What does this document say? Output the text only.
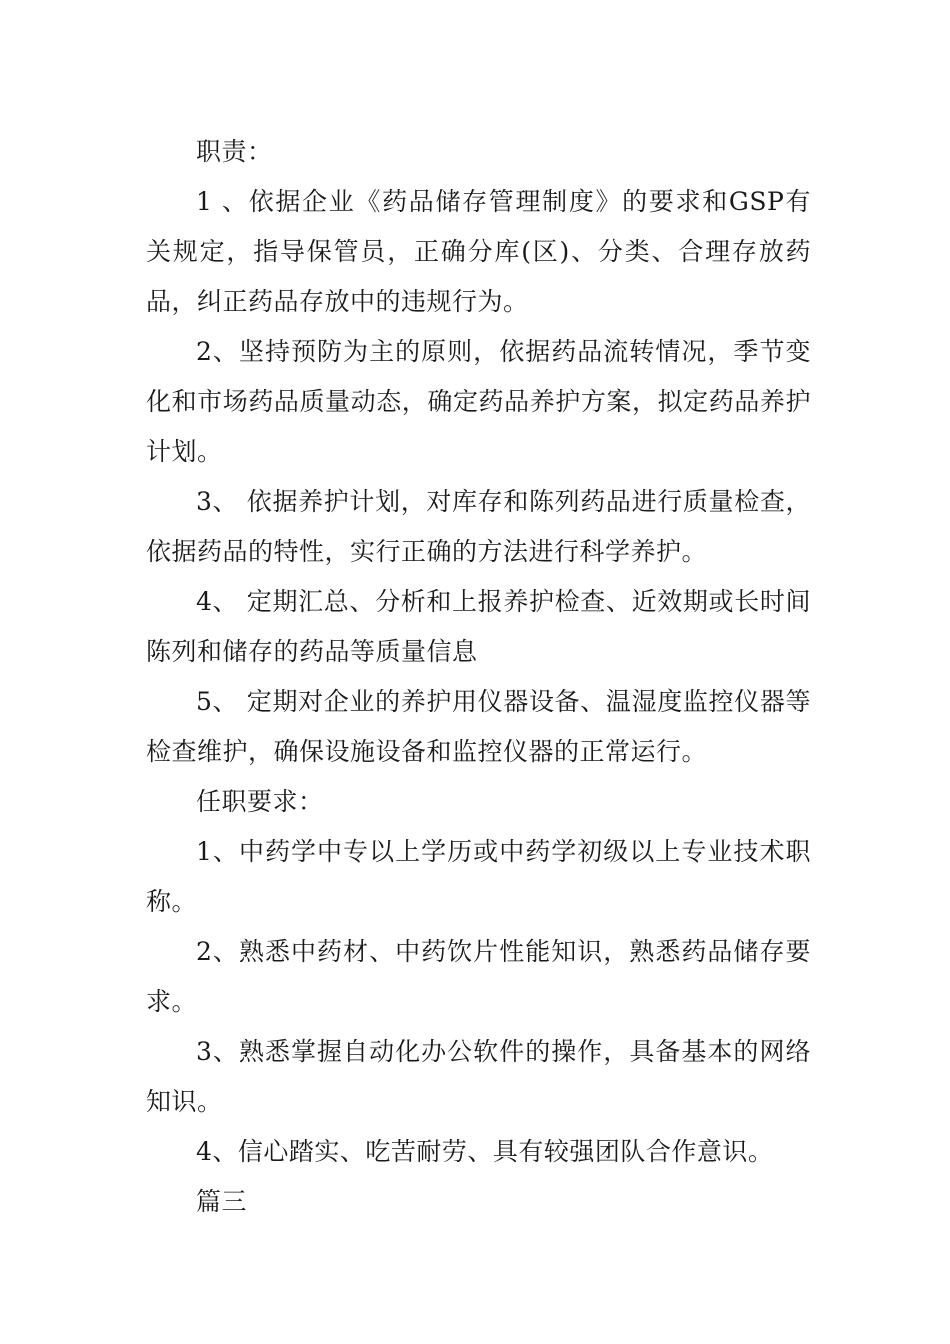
职责：

1 、依据企业《药品储存管理制度》的要求和GSP有关规定，指导保管员，正确分库(区)、分类、合理存放药品，纠正药品存放中的违规行为。

2、坚持预防为主的原则，依据药品流转情况，季节变化和市场药品质量动态，确定药品养护方案，拟定药品养护计划。

3、 依据养护计划，对库存和陈列药品进行质量检查，依据药品的特性，实行正确的方法进行科学养护。

4、 定期汇总、分析和上报养护检查、近效期或长时间陈列和储存的药品等质量信息

5、 定期对企业的养护用仪器设备、温湿度监控仪器等检查维护，确保设施设备和监控仪器的正常运行。

任职要求：

1、中药学中专以上学历或中药学初级以上专业技术职称。

2、熟悉中药材、中药饮片性能知识，熟悉药品储存要求。

3、熟悉掌握自动化办公软件的操作，具备基本的网络知识。

4、信心踏实、吃苦耐劳、具有较强团队合作意识。

篇三
